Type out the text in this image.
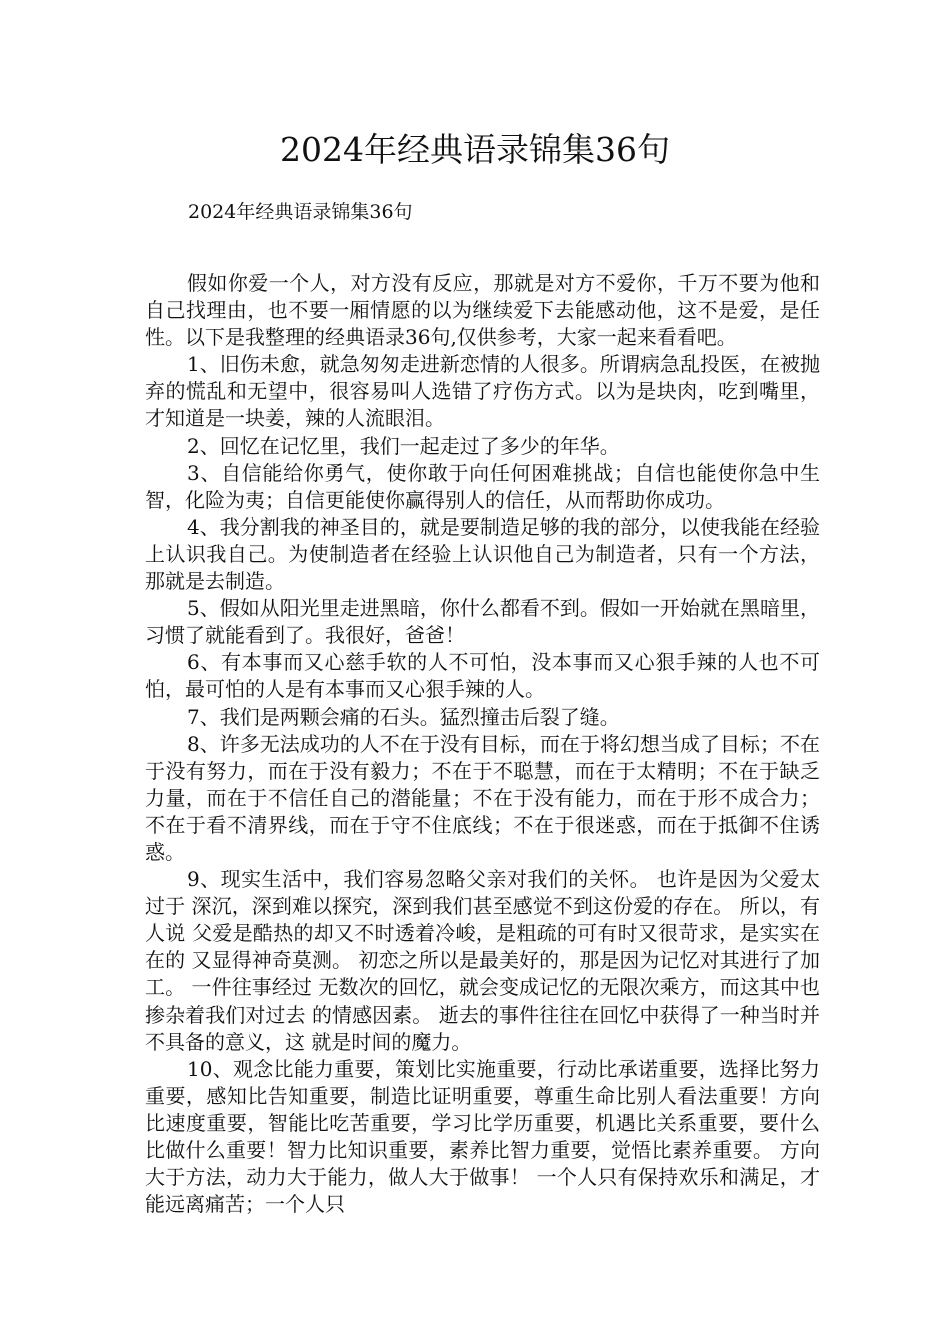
2024年经典语录锦集36句
2024年经典语录锦集36句

假如你爱一个人，对方没有反应，那就是对方不爱你，千万不要为他和自己找理由，也不要一厢情愿的以为继续爱下去能感动他，这不是爱，是任性。以下是我整理的经典语录36句,仅供参考，大家一起来看看吧。

1、旧伤未愈，就急匆匆走进新恋情的人很多。所谓病急乱投医，在被抛弃的慌乱和无望中，很容易叫人选错了疗伤方式。以为是块肉，吃到嘴里，才知道是一块姜，辣的人流眼泪。

2、回忆在记忆里，我们一起走过了多少的年华。

3、自信能给你勇气，使你敢于向任何困难挑战；自信也能使你急中生智，化险为夷；自信更能使你赢得别人的信任，从而帮助你成功。

4、我分割我的神圣目的，就是要制造足够的我的部分，以使我能在经验上认识我自己。为使制造者在经验上认识他自己为制造者，只有一个方法，那就是去制造。

5、假如从阳光里走进黑暗，你什么都看不到。假如一开始就在黑暗里，习惯了就能看到了。我很好，爸爸！

6、有本事而又心慈手软的人不可怕，没本事而又心狠手辣的人也不可怕，最可怕的人是有本事而又心狠手辣的人。

7、我们是两颗会痛的石头。猛烈撞击后裂了缝。

8、许多无法成功的人不在于没有目标，而在于将幻想当成了目标；不在于没有努力，而在于没有毅力；不在于不聪慧，而在于太精明；不在于缺乏力量，而在于不信任自己的潜能量；不在于没有能力，而在于形不成合力；不在于看不清界线，而在于守不住底线；不在于很迷惑，而在于抵御不住诱惑。

9、现实生活中，我们容易忽略父亲对我们的关怀。 也许是因为父爱太过于 深沉，深到难以探究，深到我们甚至感觉不到这份爱的存在。 所以，有人说 父爱是酷热的却又不时透着冷峻，是粗疏的可有时又很苛求，是实实在在的 又显得神奇莫测。 初恋之所以是最美好的，那是因为记忆对其进行了加工。 一件往事经过 无数次的回忆，就会变成记忆的无限次乘方，而这其中也掺杂着我们对过去 的情感因素。 逝去的事件往往在回忆中获得了一种当时并不具备的意义，这 就是时间的魔力。

10、观念比能力重要，策划比实施重要，行动比承诺重要，选择比努力重要，感知比告知重要，制造比证明重要，尊重生命比别人看法重要！方向比速度重要，智能比吃苦重要，学习比学历重要，机遇比关系重要，要什么比做什么重要！智力比知识重要，素养比智力重要，觉悟比素养重要。 方向大于方法，动力大于能力，做人大于做事！ 一个人只有保持欢乐和满足，才能远离痛苦；一个人只
